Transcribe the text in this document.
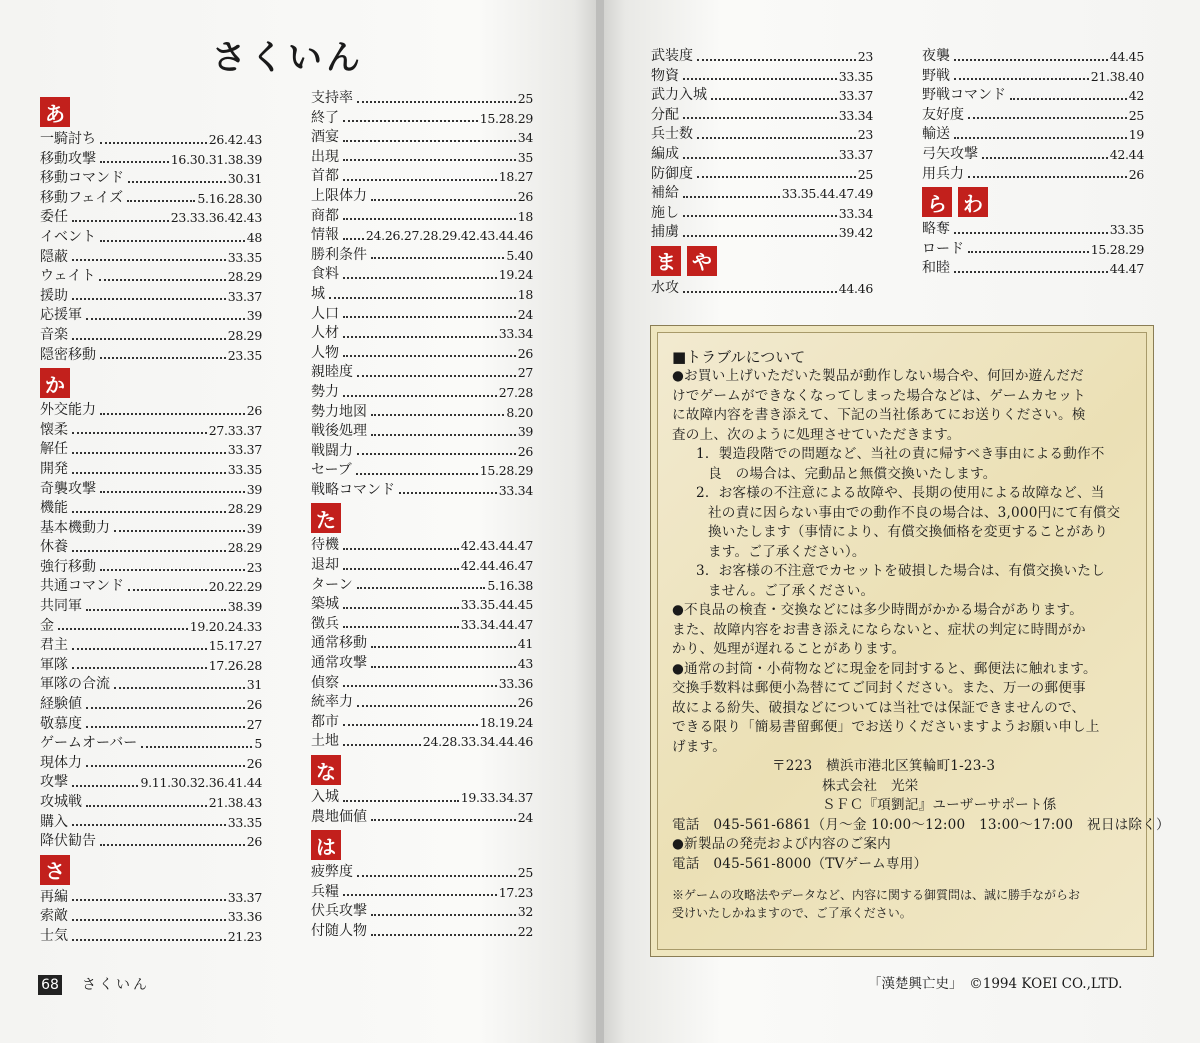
さくいん
あ
一騎討ち	26.42.43
移動攻撃	16.30.31.38.39
移動コマンド	30.31
移動フェイズ	5.16.28.30
委任	23.33.36.42.43
イベント	48
隠蔽	33.35
ウェイト	28.29
援助	33.37
応援軍	39
音楽	28.29
隠密移動	23.35
か
外交能力	26
懐柔	27.33.37
解任	33.37
開発	33.35
奇襲攻撃	39
機能	28.29
基本機動力	39
休養	28.29
強行移動	23
共通コマンド	20.22.29
共同軍	38.39
金	19.20.24.33
君主	15.17.27
軍隊	17.26.28
軍隊の合流	31
経験値	26
敬慕度	27
ゲームオーバー	5
現体力	26
攻撃	9.11.30.32.36.41.44
攻城戦	21.38.43
購入	33.35
降伏勧告	26
さ
再編	33.37
索敵	33.36
士気	21.23
支持率	25
終了	15.28.29
酒宴	34
出現	35
首都	18.27
上限体力	26
商都	18
情報 24.26.27.28.29.42.43.44.46
勝利条件	5.40
食料	19.24
城	18
人口	24
人材	33.34
人物	26
親睦度	27
勢力	27.28
勢力地図	8.20
戦後処理	39
戦闘力	26
セーブ	15.28.29
戦略コマンド	33.34
た
待機	42.43.44.47
退却	42.44.46.47
ターン	5.16.38
築城	33.35.44.45
徴兵	33.34.44.47
通常移動	41
通常攻撃	43
偵察	33.36
統率力	26
都市	18.19.24
土地	24.28.33.34.44.46
な
入城	19.33.34.37
農地価値	24
は
疲弊度	25
兵糧	17.23
伏兵攻撃	32
付随人物	22
武装度	23
物資	33.35
武力入城	33.37
分配	33.34
兵士数	23
編成	33.37
防御度	25
補給	33.35.44.47.49
施し	33.34
捕虜	39.42
ま や
水攻	44.46
夜襲	44.45
野戦	21.38.40
野戦コマンド	42
友好度	25
輸送	19
弓矢攻撃	42.44
用兵力	26
ら わ
略奪	33.35
ロード	15.28.29
和睦	44.47
■トラブルについて
●お買い上げいただいた製品が動作しない場合や、何回か遊んだだ
けでゲームができなくなってしまった場合などは、ゲームカセット
に故障内容を書き添えて、下記の当社係あてにお送りください。検
査の上、次のように処理させていただきます。
1．製造段階での問題など、当社の責に帰すべき事由による動作不
良　の場合は、完動品と無償交換いたします。
2．お客様の不注意による故障や、長期の使用による故障など、当
社の責に因らない事由での動作不良の場合は、3,000円にて有償交
換いたします（事情により、有償交換価格を変更することがあり
ます。ご了承ください）。
3．お客様の不注意でカセットを破損した場合は、有償交換いたし
ません。ご了承ください。
●不良品の検査・交換などには多少時間がかかる場合があります。
また、故障内容をお書き添えにならないと、症状の判定に時間がか
かり、処理が遅れることがあります。
●通常の封筒・小荷物などに現金を同封すると、郵便法に触れます。
交換手数料は郵便小為替にてご同封ください。また、万一の郵便事
故による紛失、破損などについては当社では保証できませんので、
できる限り「簡易書留郵便」でお送りくださいますようお願い申し上
げます。
〒223　横浜市港北区箕輪町1-23-3
株式会社　光栄
ＳＦＣ『項劉記』ユーザーサポート係
電話　045-561-6861（月～金 10:00～12:00　13:00～17:00　祝日は除く）
●新製品の発売および内容のご案内
電話　045-561-8000（TVゲーム専用）
※ゲームの攻略法やデータなど、内容に関する御質問は、誠に勝手ながらお
受けいたしかねますので、ご了承ください。
「漢楚興亡史」　©1994 KOEI CO.,LTD.
68 さくいん
